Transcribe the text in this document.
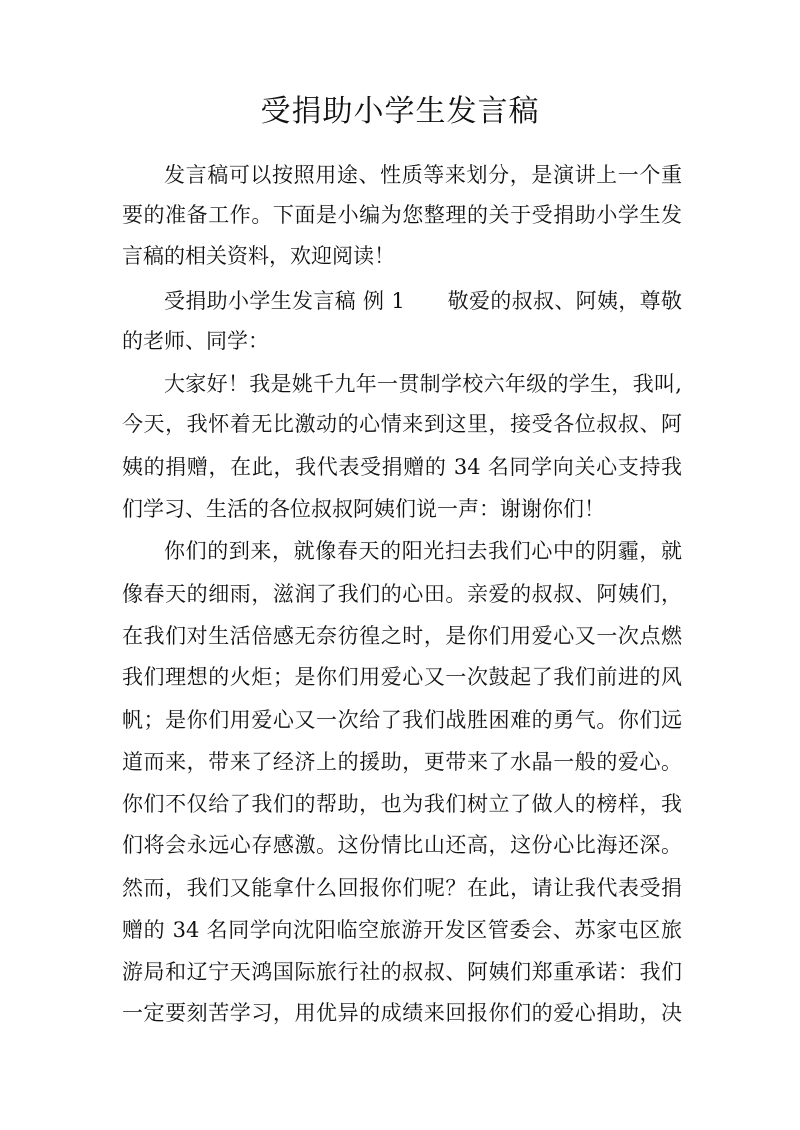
受捐助小学生发言稿

发言稿可以按照用途、性质等来划分，是演讲上一个重

要的准备工作。下面是小编为您整理的关于受捐助小学生发

言稿的相关资料，欢迎阅读！

受捐助小学生发言稿 例 1　　敬爱的叔叔、阿姨，尊敬

的老师、同学：

大家好！我是姚千九年一贯制学校六年级的学生，我叫,

今天，我怀着无比激动的心情来到这里，接受各位叔叔、阿

姨的捐赠，在此，我代表受捐赠的 34 名同学向关心支持我

们学习、生活的各位叔叔阿姨们说一声：谢谢你们！

你们的到来，就像春天的阳光扫去我们心中的阴霾，就

像春天的细雨，滋润了我们的心田。亲爱的叔叔、阿姨们，

在我们对生活倍感无奈彷徨之时，是你们用爱心又一次点燃

我们理想的火炬；是你们用爱心又一次鼓起了我们前进的风

帆；是你们用爱心又一次给了我们战胜困难的勇气。你们远

道而来，带来了经济上的援助，更带来了水晶一般的爱心。

你们不仅给了我们的帮助，也为我们树立了做人的榜样，我

们将会永远心存感激。这份情比山还高，这份心比海还深。

然而，我们又能拿什么回报你们呢？在此，请让我代表受捐

赠的 34 名同学向沈阳临空旅游开发区管委会、苏家屯区旅

游局和辽宁天鸿国际旅行社的叔叔、阿姨们郑重承诺：我们

一定要刻苦学习，用优异的成绩来回报你们的爱心捐助，决
